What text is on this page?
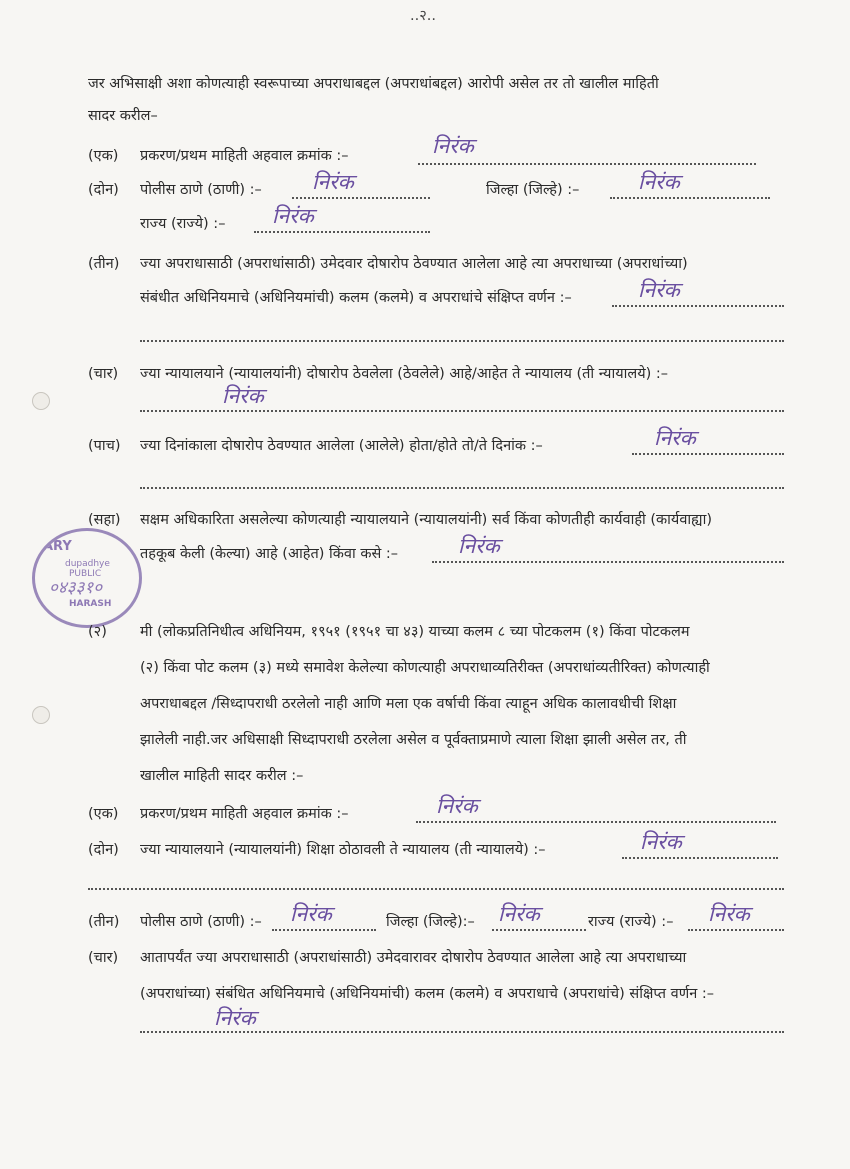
..२..
जर अभिसाक्षी अशा कोणत्याही स्वरूपाच्या अपराधाबद्दल (अपराधांबद्दल) आरोपी असेल तर तो खालील माहिती
सादर करील–
(एक) प्रकरण/प्रथम माहिती अहवाल क्रमांक :–	निरंक
(दोन) पोलीस ठाणे (ठाणी) :– निरंक	जिल्हा (जिल्हे) :–	निरंक
राज्य (राज्ये) :– निरंक
(तीन) ज्या अपराधासाठी (अपराधांसाठी) उमेदवार दोषारोप ठेवण्यात आलेला आहे त्या अपराधाच्या (अपराधांच्या)
संबंधीत अधिनियमाचे (अधिनियमांची) कलम (कलमे) व अपराधांचे संक्षिप्त वर्णन :–	निरंक
(चार) ज्या न्यायालयाने (न्यायालयांनी) दोषारोप ठेवलेला (ठेवलेले) आहे/आहेत ते न्यायालय (ती न्यायालये) :–
निरंक
(पाच) ज्या दिनांकाला दोषारोप ठेवण्यात आलेला (आलेले) होता/होते तो/ते दिनांक :–	निरंक
(सहा) सक्षम अधिकारिता असलेल्या कोणत्याही न्यायालयाने (न्यायालयांनी) सर्व किंवा कोणतीही कार्यवाही (कार्यवाह्या)
तहकूब केली (केल्या) आहे (आहेत) किंवा कसे :–	निरंक
ARY
dupadhye
PUBLIC
०४३३१०
HARASH
(२) मी (लोकप्रतिनिधीत्व अधिनियम, १९५१ (१९५१ चा ४३) याच्या कलम ८ च्या पोटकलम (१) किंवा पोटकलम
(२) किंवा पोट कलम (३) मध्ये समावेश केलेल्या कोणत्याही अपराधाव्यतिरीक्त (अपराधांव्यतीरिक्त) कोणत्याही
अपराधाबद्दल /सिध्दापराधी ठरलेलो नाही आणि मला एक वर्षाची किंवा त्याहून अधिक कालावधीची शिक्षा
झालेली नाही.जर अधिसाक्षी सिध्दापराधी ठरलेला असेल व पूर्वक्ताप्रमाणे त्याला शिक्षा झाली असेल तर, ती
खालील माहिती सादर करील :–
(एक) प्रकरण/प्रथम माहिती अहवाल क्रमांक :–	निरंक
(दोन) ज्या न्यायालयाने (न्यायालयांनी) शिक्षा ठोठावली ते न्यायालय (ती न्यायालये) :–	निरंक
(तीन) पोलीस ठाणे (ठाणी) :– निरंक	जिल्हा (जिल्हे):– निरंक	राज्य (राज्ये) :– निरंक
(चार) आतापर्यंत ज्या अपराधासाठी (अपराधांसाठी) उमेदवारावर दोषारोप ठेवण्यात आलेला आहे त्या अपराधाच्या
(अपराधांच्या) संबंधित अधिनियमाचे (अधिनियमांची) कलम (कलमे) व अपराधाचे (अपराधांचे) संक्षिप्त वर्णन :–
निरंक
